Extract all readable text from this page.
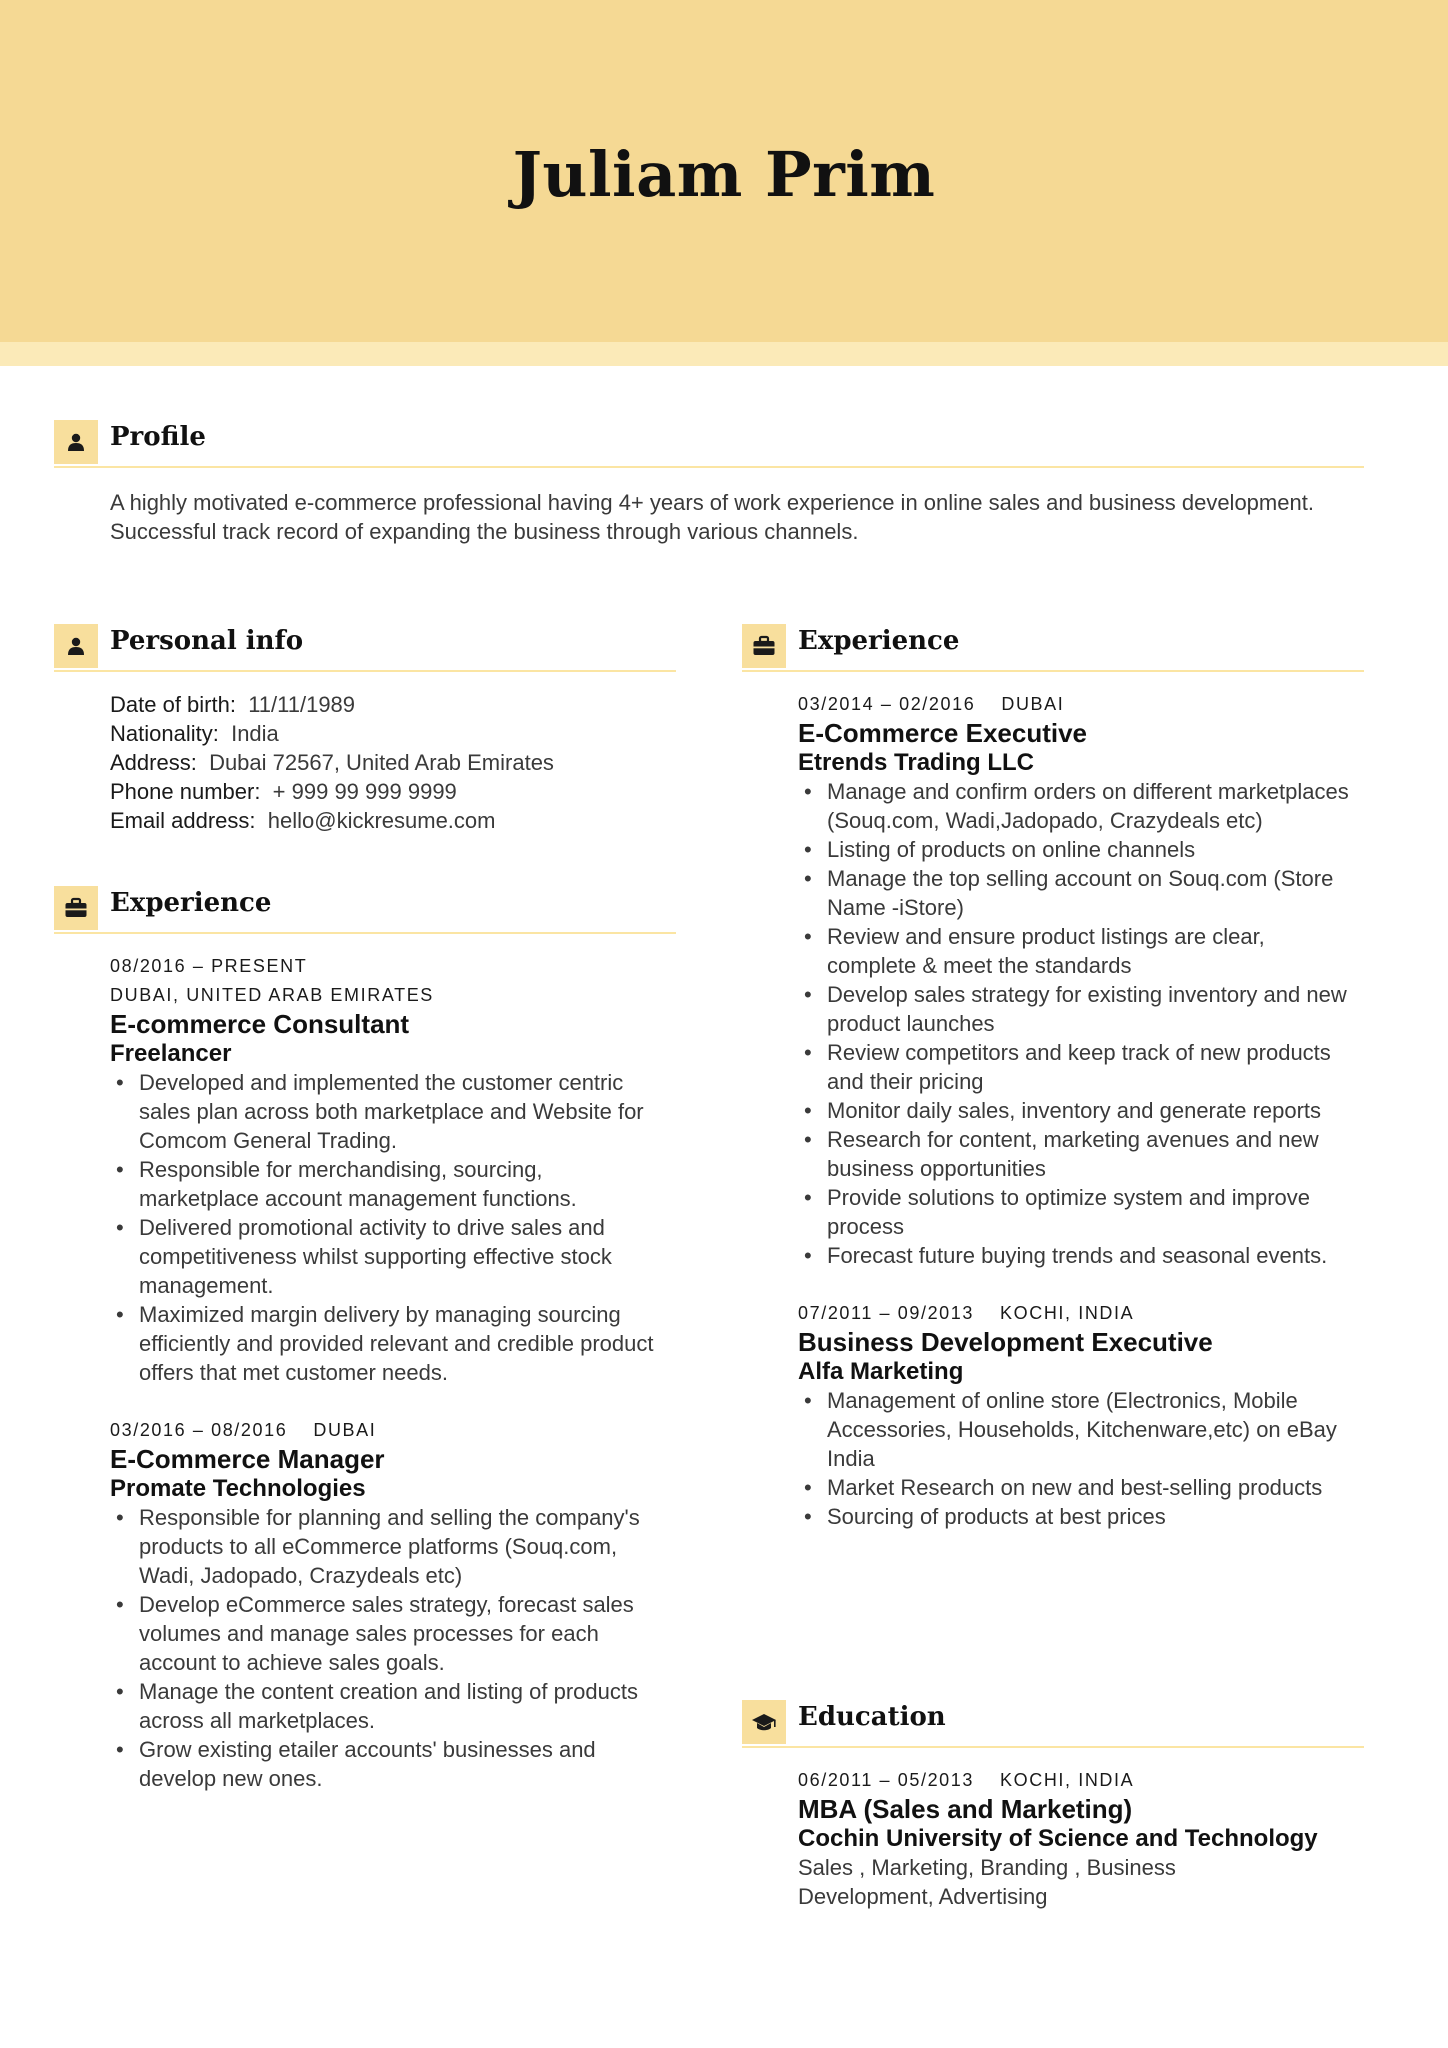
Juliam Prim
Profile
A highly motivated e-commerce professional having 4+ years of work experience in online sales and business development. Successful track record of expanding the business through various channels.
Personal info
Date of birth: 11/11/1989
Nationality: India
Address: Dubai 72567, United Arab Emirates
Phone number: + 999 99 999 9999
Email address: hello@kickresume.com
Experience
08/2016 – PRESENT
DUBAI, UNITED ARAB EMIRATES
E-commerce Consultant
Freelancer
• Developed and implemented the customer centric sales plan across both marketplace and Website for Comcom General Trading.
• Responsible for merchandising, sourcing, marketplace account management functions.
• Delivered promotional activity to drive sales and competitiveness whilst supporting effective stock management.
• Maximized margin delivery by managing sourcing efficiently and provided relevant and credible product offers that met customer needs.
03/2016 – 08/2016 DUBAI
E-Commerce Manager
Promate Technologies
• Responsible for planning and selling the company's products to all eCommerce platforms (Souq.com, Wadi, Jadopado, Crazydeals etc)
• Develop eCommerce sales strategy, forecast sales volumes and manage sales processes for each account to achieve sales goals.
• Manage the content creation and listing of products across all marketplaces.
• Grow existing etailer accounts' businesses and develop new ones.
Experience
03/2014 – 02/2016 DUBAI
E-Commerce Executive
Etrends Trading LLC
• Manage and confirm orders on different marketplaces (Souq.com, Wadi,Jadopado, Crazydeals etc)
• Listing of products on online channels
• Manage the top selling account on Souq.com (Store Name -iStore)
• Review and ensure product listings are clear, complete & meet the standards
• Develop sales strategy for existing inventory and new product launches
• Review competitors and keep track of new products and their pricing
• Monitor daily sales, inventory and generate reports
• Research for content, marketing avenues and new business opportunities
• Provide solutions to optimize system and improve process
• Forecast future buying trends and seasonal events.
07/2011 – 09/2013 KOCHI, INDIA
Business Development Executive
Alfa Marketing
• Management of online store (Electronics, Mobile Accessories, Households, Kitchenware,etc) on eBay India
• Market Research on new and best-selling products
• Sourcing of products at best prices
Education
06/2011 – 05/2013 KOCHI, INDIA
MBA (Sales and Marketing)
Cochin University of Science and Technology
Sales , Marketing, Branding , Business Development, Advertising
